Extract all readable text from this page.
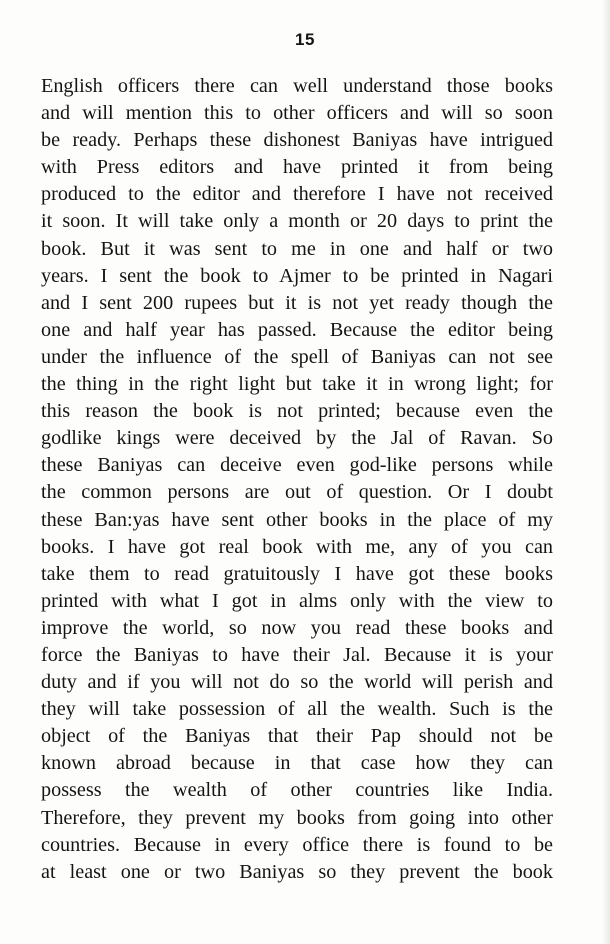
15
English officers there can well understand those books
and will mention this to other officers and will so soon
be ready. Perhaps these dishonest Baniyas have intrigued
with Press editors and have printed it from being
produced to the editor and therefore I have not received
it soon. It will take only a month or 20 days to print the
book. But it was sent to me in one and half or two
years. I sent the book to Ajmer to be printed in Nagari
and I sent 200 rupees but it is not yet ready though the
one and half year has passed. Because the editor being
under the influence of the spell of Baniyas can not see
the thing in the right light but take it in wrong light; for
this reason the book is not printed; because even the
godlike kings were deceived by the Jal of Ravan. So
these Baniyas can deceive even god-like persons while
the common persons are out of question. Or I doubt
these Ban:yas have sent other books in the place of my
books. I have got real book with me, any of you can
take them to read gratuitously I have got these books
printed with what I got in alms only with the view to
improve the world, so now you read these books and
force the Baniyas to have their Jal. Because it is your
duty and if you will not do so the world will perish and
they will take possession of all the wealth. Such is the
object of the Baniyas that their Pap should not be
known abroad because in that case how they can
possess the wealth of other countries like India.
Therefore, they prevent my books from going into other
countries. Because in every office there is found to be
at least one or two Baniyas so they prevent the book
